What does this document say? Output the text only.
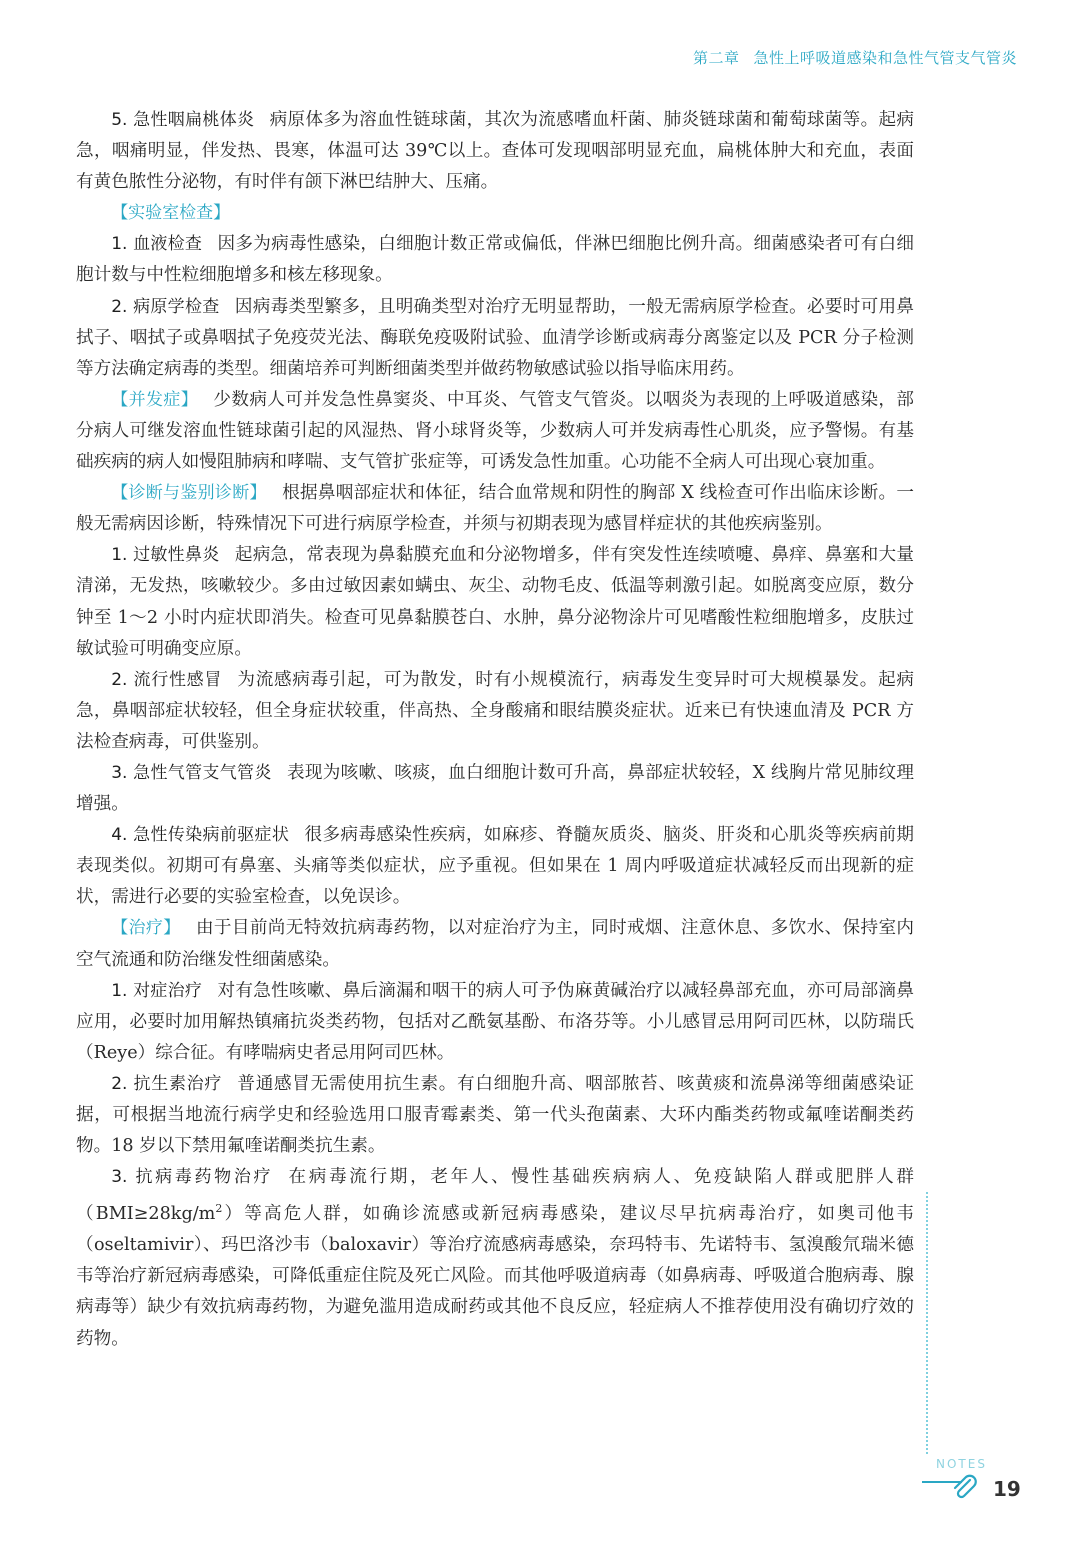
第二章 急性上呼吸道感染和急性气管支气管炎

5. 急性咽扁桃体炎 病原体多为溶血性链球菌，其次为流感嗜血杆菌、肺炎链球菌和葡萄球菌等。起病急，咽痛明显，伴发热、畏寒，体温可达 39℃以上。查体可发现咽部明显充血，扁桃体肿大和充血，表面有黄色脓性分泌物，有时伴有颌下淋巴结肿大、压痛。

【实验室检查】

1. 血液检查 因多为病毒性感染，白细胞计数正常或偏低，伴淋巴细胞比例升高。细菌感染者可有白细胞计数与中性粒细胞增多和核左移现象。

2. 病原学检查 因病毒类型繁多，且明确类型对治疗无明显帮助，一般无需病原学检查。必要时可用鼻拭子、咽拭子或鼻咽拭子免疫荧光法、酶联免疫吸附试验、血清学诊断或病毒分离鉴定以及 PCR 分子检测等方法确定病毒的类型。细菌培养可判断细菌类型并做药物敏感试验以指导临床用药。

【并发症】 少数病人可并发急性鼻窦炎、中耳炎、气管支气管炎。以咽炎为表现的上呼吸道感染，部分病人可继发溶血性链球菌引起的风湿热、肾小球肾炎等，少数病人可并发病毒性心肌炎，应予警惕。有基础疾病的病人如慢阻肺病和哮喘、支气管扩张症等，可诱发急性加重。心功能不全病人可出现心衰加重。

【诊断与鉴别诊断】 根据鼻咽部症状和体征，结合血常规和阴性的胸部 X 线检查可作出临床诊断。一般无需病因诊断，特殊情况下可进行病原学检查，并须与初期表现为感冒样症状的其他疾病鉴别。

1. 过敏性鼻炎 起病急，常表现为鼻黏膜充血和分泌物增多，伴有突发性连续喷嚏、鼻痒、鼻塞和大量清涕，无发热，咳嗽较少。多由过敏因素如螨虫、灰尘、动物毛皮、低温等刺激引起。如脱离变应原，数分钟至 1～2 小时内症状即消失。检查可见鼻黏膜苍白、水肿，鼻分泌物涂片可见嗜酸性粒细胞增多，皮肤过敏试验可明确变应原。

2. 流行性感冒 为流感病毒引起，可为散发，时有小规模流行，病毒发生变异时可大规模暴发。起病急，鼻咽部症状较轻，但全身症状较重，伴高热、全身酸痛和眼结膜炎症状。近来已有快速血清及 PCR 方法检查病毒，可供鉴别。

3. 急性气管支气管炎 表现为咳嗽、咳痰，血白细胞计数可升高，鼻部症状较轻，X 线胸片常见肺纹理增强。

4. 急性传染病前驱症状 很多病毒感染性疾病，如麻疹、脊髓灰质炎、脑炎、肝炎和心肌炎等疾病前期表现类似。初期可有鼻塞、头痛等类似症状，应予重视。但如果在 1 周内呼吸道症状减轻反而出现新的症状，需进行必要的实验室检查，以免误诊。

【治疗】 由于目前尚无特效抗病毒药物，以对症治疗为主，同时戒烟、注意休息、多饮水、保持室内空气流通和防治继发性细菌感染。

1. 对症治疗 对有急性咳嗽、鼻后滴漏和咽干的病人可予伪麻黄碱治疗以减轻鼻部充血，亦可局部滴鼻应用，必要时加用解热镇痛抗炎类药物，包括对乙酰氨基酚、布洛芬等。小儿感冒忌用阿司匹林，以防瑞氏（Reye）综合征。有哮喘病史者忌用阿司匹林。

2. 抗生素治疗 普通感冒无需使用抗生素。有白细胞升高、咽部脓苔、咳黄痰和流鼻涕等细菌感染证据，可根据当地流行病学史和经验选用口服青霉素类、第一代头孢菌素、大环内酯类药物或氟喹诺酮类药物。18 岁以下禁用氟喹诺酮类抗生素。

3. 抗病毒药物治疗 在病毒流行期，老年人、慢性基础疾病病人、免疫缺陷人群或肥胖人群$(BMI\ge 28kg/m^2)$等高危人群，如确诊流感或新冠病毒感染，建议尽早抗病毒治疗，如奥司他韦（oseltamivir）、玛巴洛沙韦（baloxavir）等治疗流感病毒感染，奈玛特韦、先诺特韦、氢溴酸氘瑞米德韦等治疗新冠病毒感染，可降低重症住院及死亡风险。而其他呼吸道病毒（如鼻病毒、呼吸道合胞病毒、腺病毒等）缺少有效抗病毒药物，为避免滥用造成耐药或其他不良反应，轻症病人不推荐使用没有确切疗效的药物。

NOTES
19
